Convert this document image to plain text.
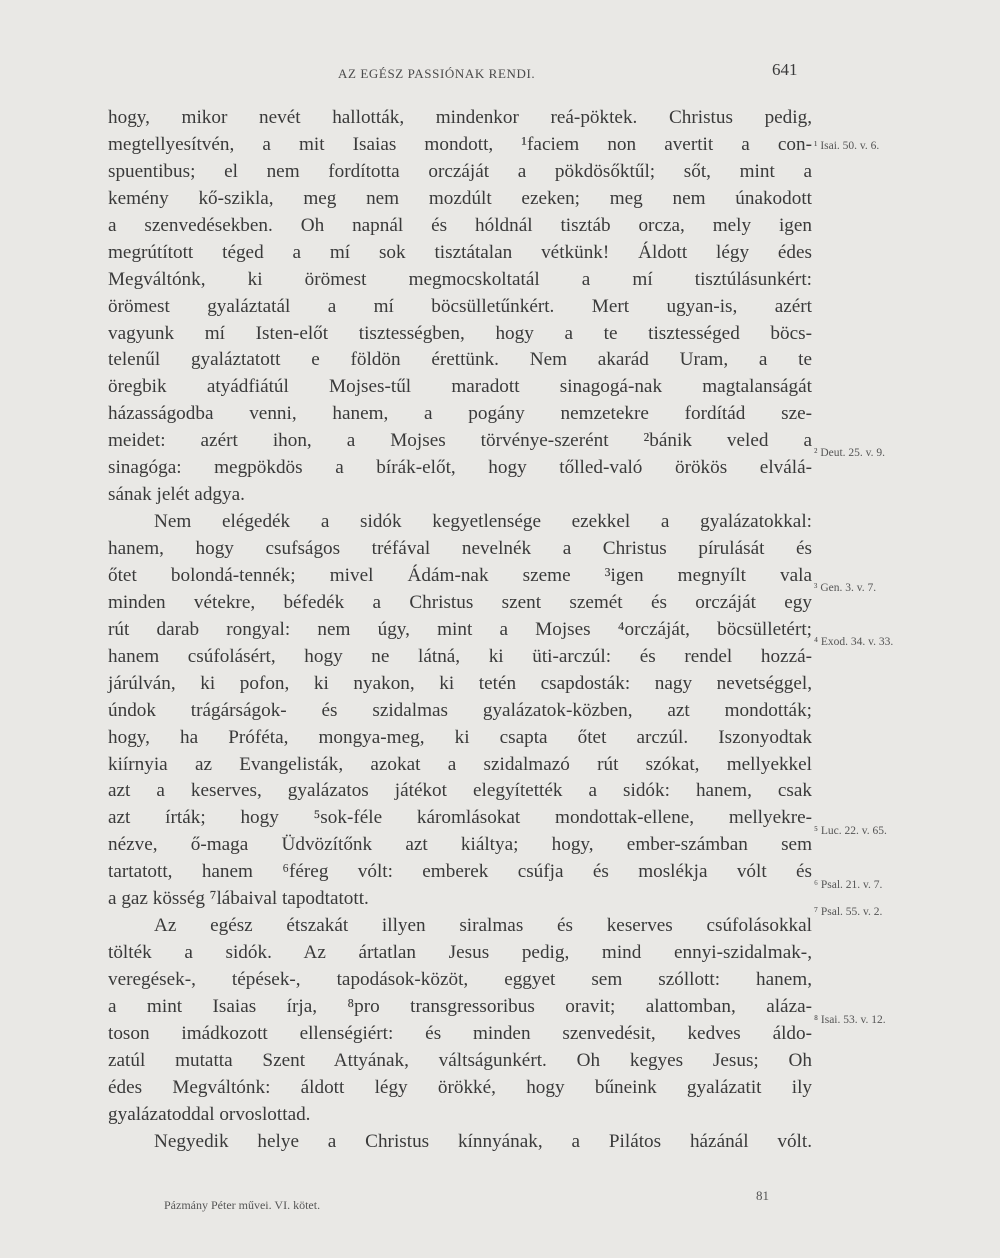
AZ EGÉSZ PASSIÓNAK RENDI.	641
hogy, mikor nevét hallották, mindenkor reá-pöktek. Christus pedig,
megtellyesítvén, a mit Isaias mondott, ¹faciem non avertit a con-
spuentibus; el nem fordította orczáját a pökdösőktűl; sőt, mint a
kemény kő-szikla, meg nem mozdúlt ezeken; meg nem únakodott
a szenvedésekben. Oh napnál és hóldnál tisztáb orcza, mely igen
megrútított téged a mí sok tisztátalan vétkünk! Áldott légy édes
Megváltónk, ki örömest megmocskoltatál a mí tisztúlásunkért:
örömest gyaláztatál a mí böcsülletűnkért. Mert ugyan-is, azért
vagyunk mí Isten-előt tisztességben, hogy a te tisztességed böcs-
telenűl gyaláztatott e földön érettünk. Nem akarád Uram, a te
öregbik atyádfiátúl Mojses-tűl maradott sinagogá-nak magtalanságát
házasságodba venni, hanem, a pogány nemzetekre fordítád sze-
meidet: azért ihon, a Mojses törvénye-szerént ²bánik veled a
sinagóga: megpökdös a bírák-előt, hogy tőlled-való örökös elválá-
sának jelét adgya.
Nem elégedék a sidók kegyetlensége ezekkel a gyalázatokkal:
hanem, hogy csufságos tréfával nevelnék a Christus pírulását és
őtet bolondá-tennék; mivel Ádám-nak szeme ³igen megnyílt vala
minden vétekre, béfedék a Christus szent szemét és orczáját egy
rút darab rongyal: nem úgy, mint a Mojses ⁴orczáját, böcsülletért;
hanem csúfolásért, hogy ne látná, ki üti-arczúl: és rendel hozzá-
járúlván, ki pofon, ki nyakon, ki tetén csapdosták: nagy nevetséggel,
úndok trágárságok- és szidalmas gyalázatok-közben, azt mondották;
hogy, ha Próféta, mongya-meg, ki csapta őtet arczúl. Iszonyodtak
kiírnyia az Evangelisták, azokat a szidalmazó rút szókat, mellyekkel
azt a keserves, gyalázatos játékot elegyítették a sidók: hanem, csak
azt írták; hogy ⁵sok-féle káromlásokat mondottak-ellene, mellyekre-
nézve, ő-maga Üdvözítőnk azt kiáltya; hogy, ember-számban sem
tartatott, hanem ⁶féreg vólt: emberek csúfja és moslékja vólt és
a gaz kösség ⁷lábaival tapodtatott.
Az egész étszakát illyen siralmas és keserves csúfolásokkal
tölték a sidók. Az ártatlan Jesus pedig, mind ennyi-szidalmak-,
veregések-, tépések-, tapodások-közöt, eggyet sem szóllott: hanem,
a mint Isaias írja, ⁸pro transgressoribus oravit; alattomban, aláza-
toson imádkozott ellenségiért: és minden szenvedésit, kedves áldo-
zatúl mutatta Szent Attyának, váltságunkért. Oh kegyes Jesus; Oh
édes Megváltónk: áldott légy örökké, hogy bűneink gyalázatit ily
gyalázatoddal orvoslottad.
Negyedik helye a Christus kínnyának, a Pilátos házánál vólt.
¹ Isai. 50. v. 6.
² Deut. 25. v. 9.
³ Gen. 3. v. 7.
⁴ Exod. 34. v. 33.
⁵ Luc. 22. v. 65.
⁶ Psal. 21. v. 7.
⁷ Psal. 55. v. 2.
⁸ Isai. 53. v. 12.
Pázmány Péter művei. VI. kötet.
81
